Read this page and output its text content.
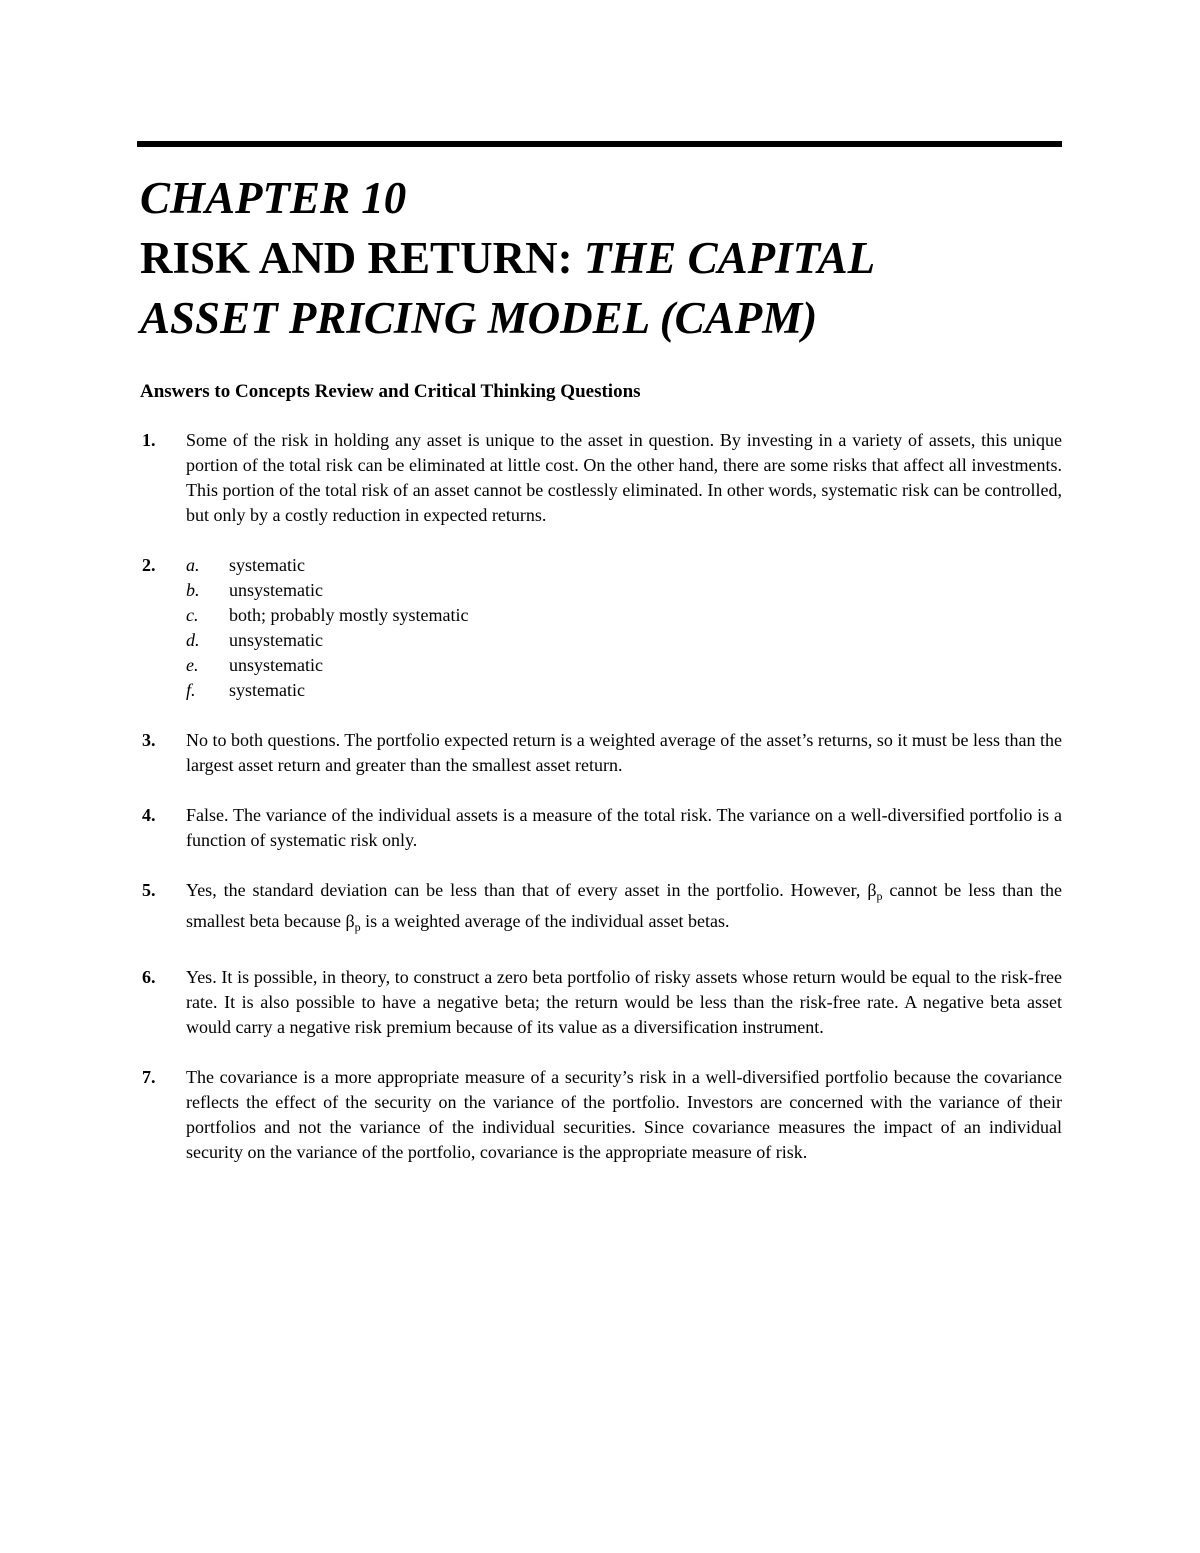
CHAPTER 10
RISK AND RETURN: THE CAPITAL
ASSET PRICING MODEL (CAPM)
Answers to Concepts Review and Critical Thinking Questions
1. Some of the risk in holding any asset is unique to the asset in question. By investing in a variety of assets, this unique portion of the total risk can be eliminated at little cost. On the other hand, there are some risks that affect all investments. This portion of the total risk of an asset cannot be costlessly eliminated. In other words, systematic risk can be controlled, but only by a costly reduction in expected returns.

2. a.	systematic
b.	unsystematic
c.	both; probably mostly systematic
d.	unsystematic
e.	unsystematic
f.	systematic
3. No to both questions. The portfolio expected return is a weighted average of the asset’s returns, so it must be less than the largest asset return and greater than the smallest asset return.

4. False. The variance of the individual assets is a measure of the total risk. The variance on a well-diversified portfolio is a function of systematic risk only.

5. Yes, the standard deviation can be less than that of every asset in the portfolio. However, $\beta_p$ cannot be less than the smallest beta because $\beta_p$ is a weighted average of the individual asset betas.

6. Yes. It is possible, in theory, to construct a zero beta portfolio of risky assets whose return would be equal to the risk-free rate. It is also possible to have a negative beta; the return would be less than the risk-free rate. A negative beta asset would carry a negative risk premium because of its value as a diversification instrument.

7. The covariance is a more appropriate measure of a security’s risk in a well-diversified portfolio because the covariance reflects the effect of the security on the variance of the portfolio. Investors are concerned with the variance of their portfolios and not the variance of the individual securities. Since covariance measures the impact of an individual security on the variance of the portfolio, covariance is the appropriate measure of risk.
